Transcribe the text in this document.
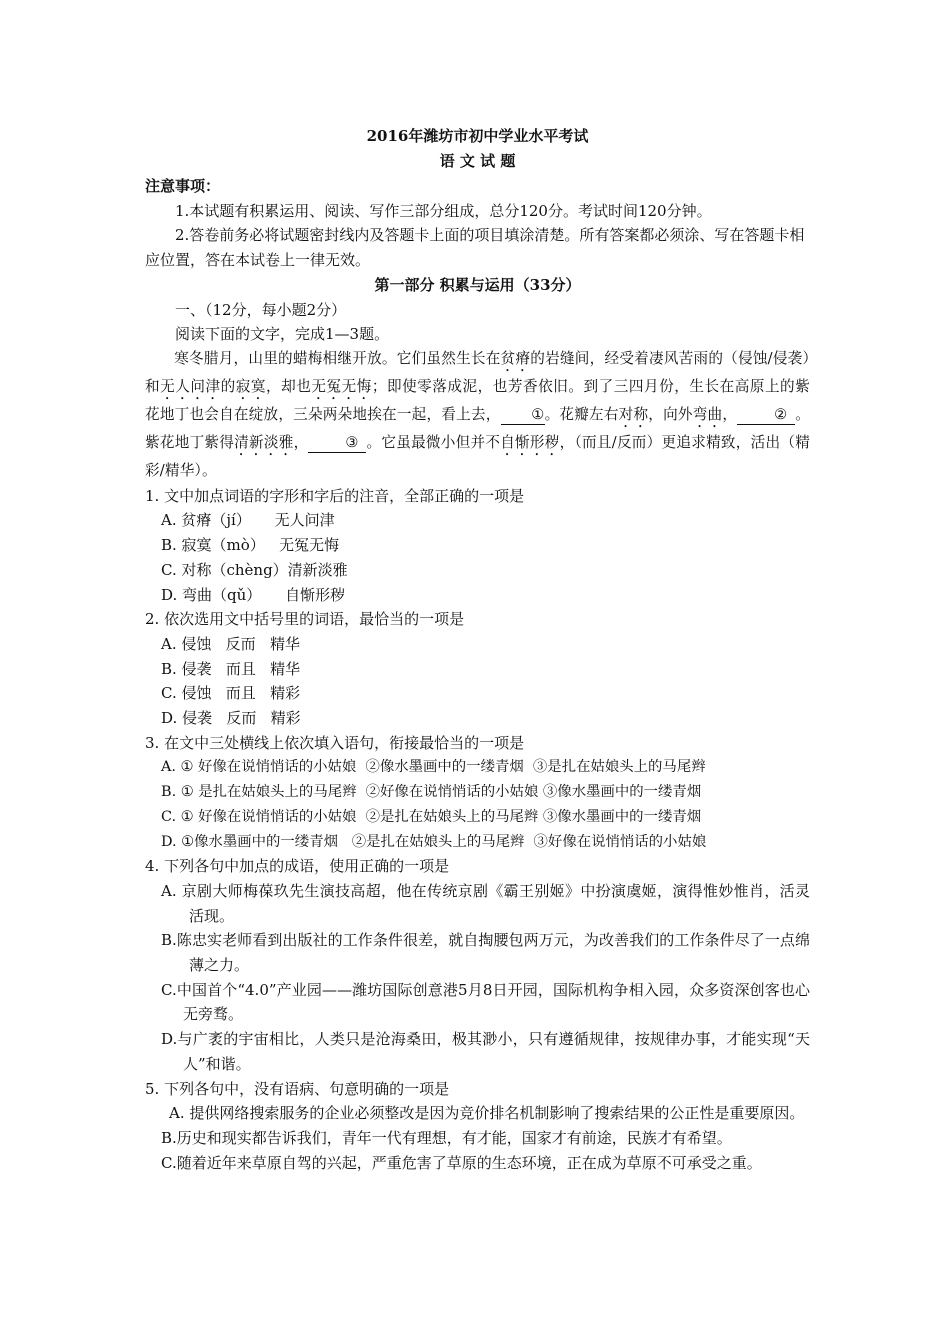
2016年潍坊市初中学业水平考试

语 文 试 题

注意事项：

1.本试题有积累运用、阅读、写作三部分组成，总分120分。考试时间120分钟。

2.答卷前务必将试题密封线内及答题卡上面的项目填涂清楚。所有答案都必须涂、写在答题卡相应位置，答在本试卷上一律无效。

第一部分 积累与运用（33分）

一、（12分，每小题2分）

阅读下面的文字，完成1—3题。

寒冬腊月，山里的蜡梅相继开放。它们虽然生长在贫瘠的岩缝间，经受着凄风苦雨的（侵蚀/侵袭）和无人问津的寂寞，却也无冤无悔；即使零落成泥，也芳香依旧。到了三四月份，生长在高原上的紫花地丁也会自在绽放，三朵两朵地挨在一起，看上去， ①。花瓣左右对称，向外弯曲，	② 。紫花地丁紫得清新淡雅，	③ 。它虽最微小但并不自惭形秽，（而且/反而）更追求精致，活出（精彩/精华）。

1. 文中加点词语的字形和字后的注音，全部正确的一项是

A. 贫瘠（jí）     无人问津

B. 寂寞（mò）   无冤无悔

C. 对称（chèng）清新淡雅

D. 弯曲（qǔ）     自惭形秽

2. 依次选用文中括号里的词语，最恰当的一项是

A. 侵蚀   反而   精华

B. 侵袭   而且   精华

C. 侵蚀   而且   精彩

D. 侵袭   反而   精彩

3. 在文中三处横线上依次填入语句，衔接最恰当的一项是

A. ① 好像在说悄悄话的小姑娘  ②像水墨画中的一缕青烟  ③是扎在姑娘头上的马尾辫

B. ① 是扎在姑娘头上的马尾辫  ②好像在说悄悄话的小姑娘 ③像水墨画中的一缕青烟

C. ① 好像在说悄悄话的小姑娘  ②是扎在姑娘头上的马尾辫 ③像水墨画中的一缕青烟

D. ①像水墨画中的一缕青烟   ②是扎在姑娘头上的马尾辫  ③好像在说悄悄话的小姑娘

4. 下列各句中加点的成语，使用正确的一项是

A. 京剧大师梅葆玖先生演技高超，他在传统京剧《霸王别姬》中扮演虞姬，演得惟妙惟肖，活灵活现。

B.陈忠实老师看到出版社的工作条件很差，就自掏腰包两万元，为改善我们的工作条件尽了一点绵薄之力。

C.中国首个“4.0”产业园——潍坊国际创意港5月8日开园，国际机构争相入园，众多资深创客也心无旁骛。

D.与广袤的宇宙相比，人类只是沧海桑田，极其渺小，只有遵循规律，按规律办事，才能实现“天人”和谐。

5. 下列各句中，没有语病、句意明确的一项是

A. 提供网络搜索服务的企业必须整改是因为竞价排名机制影响了搜索结果的公正性是重要原因。

B.历史和现实都告诉我们，青年一代有理想，有才能，国家才有前途，民族才有希望。

C.随着近年来草原自驾的兴起，严重危害了草原的生态环境，正在成为草原不可承受之重。
